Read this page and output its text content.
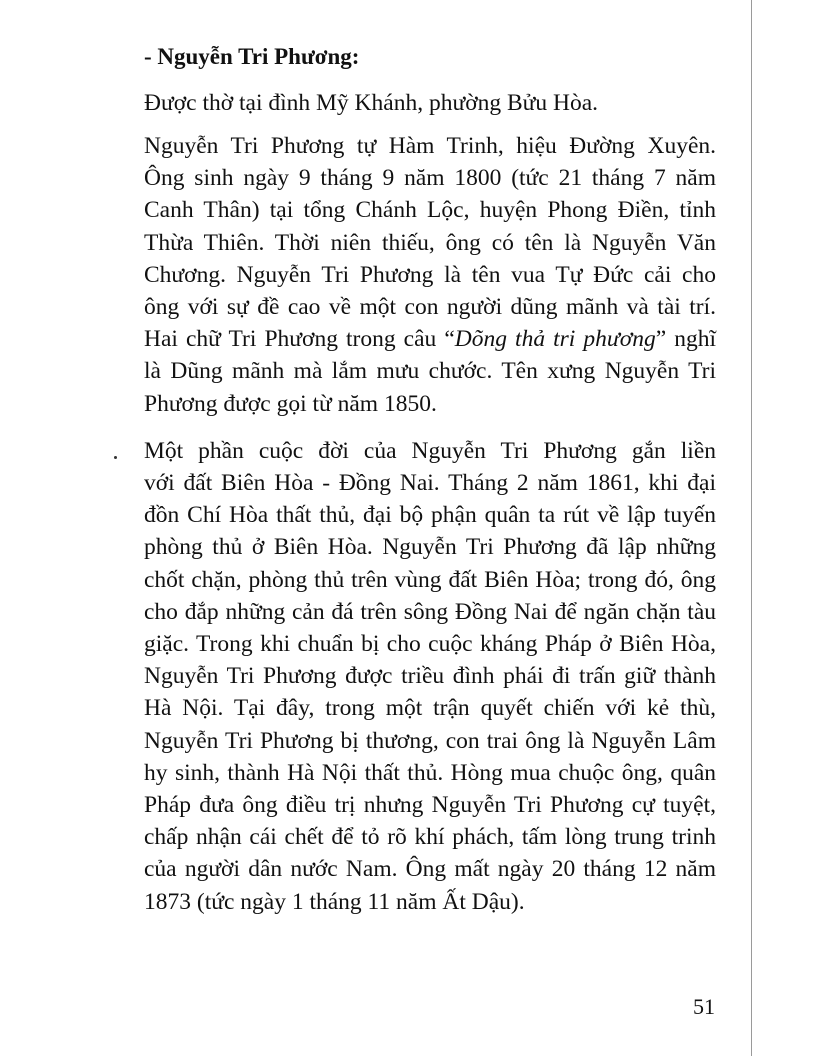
- Nguyễn Tri Phương:
Được thờ tại đình Mỹ Khánh, phường Bửu Hòa.
Nguyễn Tri Phương tự Hàm Trinh, hiệu Đường Xuyên.
Ông sinh ngày 9 tháng 9 năm 1800 (tức 21 tháng 7 năm
Canh Thân) tại tổng Chánh Lộc, huyện Phong Điền, tỉnh
Thừa Thiên. Thời niên thiếu, ông có tên là Nguyễn Văn
Chương. Nguyễn Tri Phương là tên vua Tự Đức cải cho
ông với sự đề cao về một con người dũng mãnh và tài trí.
Hai chữ Tri Phương trong câu “Dõng thả tri phương” nghĩ
là Dũng mãnh mà lắm mưu chước. Tên xưng Nguyễn Tri
Phương được gọi từ năm 1850.
Một phần cuộc đời của Nguyễn Tri Phương gắn liền
với đất Biên Hòa - Đồng Nai. Tháng 2 năm 1861, khi đại
đồn Chí Hòa thất thủ, đại bộ phận quân ta rút về lập tuyến
phòng thủ ở Biên Hòa. Nguyễn Tri Phương đã lập những
chốt chặn, phòng thủ trên vùng đất Biên Hòa; trong đó, ông
cho đắp những cản đá trên sông Đồng Nai để ngăn chặn tàu
giặc. Trong khi chuẩn bị cho cuộc kháng Pháp ở Biên Hòa,
Nguyễn Tri Phương được triều đình phái đi trấn giữ thành
Hà Nội. Tại đây, trong một trận quyết chiến với kẻ thù,
Nguyễn Tri Phương bị thương, con trai ông là Nguyễn Lâm
hy sinh, thành Hà Nội thất thủ. Hòng mua chuộc ông, quân
Pháp đưa ông điều trị nhưng Nguyễn Tri Phương cự tuyệt,
chấp nhận cái chết để tỏ rõ khí phách, tấm lòng trung trinh
của người dân nước Nam. Ông mất ngày 20 tháng 12 năm
1873 (tức ngày 1 tháng 11 năm Ất Dậu).
51
